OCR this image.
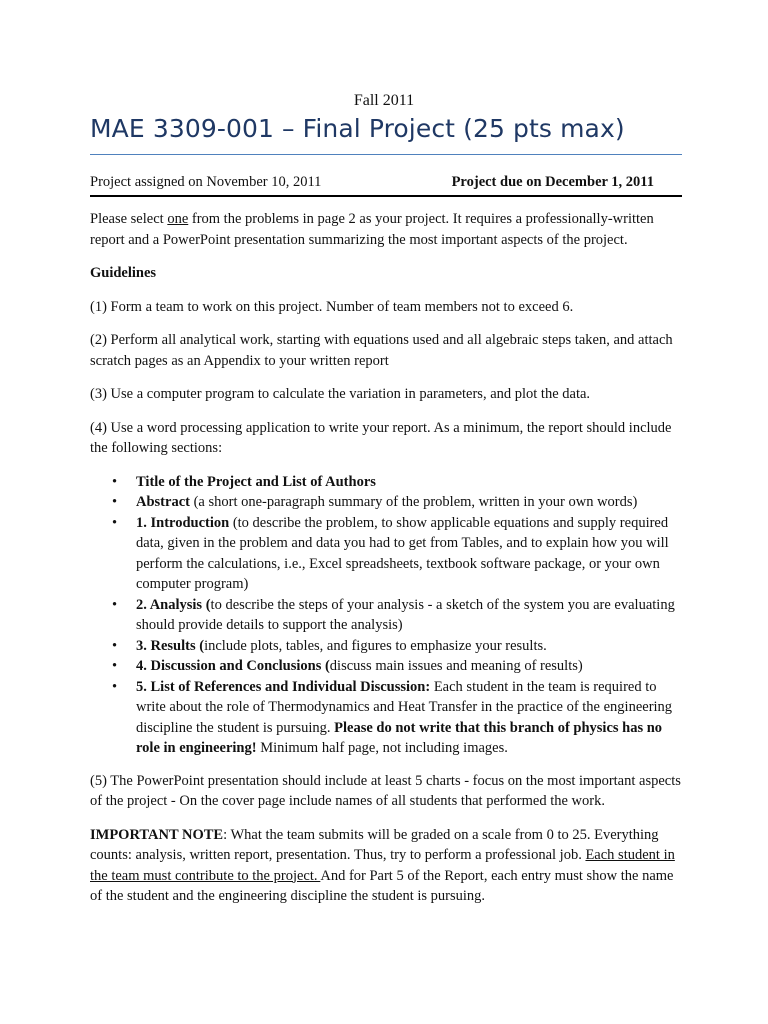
Fall 2011
MAE 3309-001 – Final Project (25 pts max)
Project assigned on November 10, 2011	Project due on December 1, 2011

Please select one from the problems in page 2 as your project. It requires a professionally-written report and a PowerPoint presentation summarizing the most important aspects of the project.

Guidelines

(1) Form a team to work on this project. Number of team members not to exceed 6.

(2) Perform all analytical work, starting with equations used and all algebraic steps taken, and attach scratch pages as an Appendix to your written report

(3) Use a computer program to calculate the variation in parameters, and plot the data.

(4) Use a word processing application to write your report. As a minimum, the report should include the following sections:

• Title of the Project and List of Authors
• Abstract (a short one-paragraph summary of the problem, written in your own words)
• 1. Introduction (to describe the problem, to show applicable equations and supply required data, given in the problem and data you had to get from Tables, and to explain how you will perform the calculations, i.e., Excel spreadsheets, textbook software package, or your own computer program)
• 2. Analysis (to describe the steps of your analysis - a sketch of the system you are evaluating should provide details to support the analysis)
• 3. Results (include plots, tables, and figures to emphasize your results.
• 4. Discussion and Conclusions (discuss main issues and meaning of results)
• 5. List of References and Individual Discussion: Each student in the team is required to write about the role of Thermodynamics and Heat Transfer in the practice of the engineering discipline the student is pursuing. Please do not write that this branch of physics has no role in engineering! Minimum half page, not including images.

(5) The PowerPoint presentation should include at least 5 charts - focus on the most important aspects of the project - On the cover page include names of all students that performed the work.

IMPORTANT NOTE: What the team submits will be graded on a scale from 0 to 25. Everything counts: analysis, written report, presentation. Thus, try to perform a professional job. Each student in the team must contribute to the project. And for Part 5 of the Report, each entry must show the name of the student and the engineering discipline the student is pursuing.
